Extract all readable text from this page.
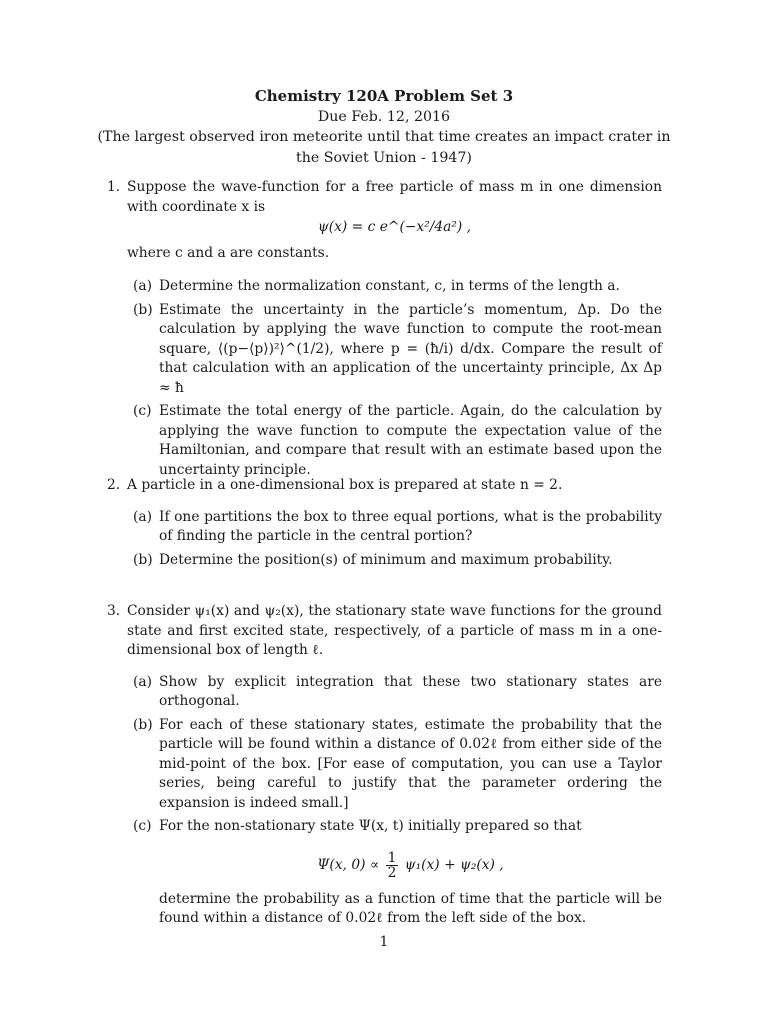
Chemistry 120A Problem Set 3
Due Feb. 12, 2016
(The largest observed iron meteorite until that time creates an impact crater in the Soviet Union - 1947)
1. Suppose the wave-function for a free particle of mass m in one dimension with coordinate x is
ψ(x) = c e^(−x²/4a²) ,
where c and a are constants.
(a) Determine the normalization constant, c, in terms of the length a.
(b) Estimate the uncertainty in the particle’s momentum, Δp. Do the calculation by applying the wave function to compute the root-mean square, ⟨(p−⟨p⟩)²⟩^(1/2), where p = (ħ/i) d/dx. Compare the result of that calculation with an application of the uncertainty principle, Δx Δp ≈ ħ
(c) Estimate the total energy of the particle. Again, do the calculation by applying the wave function to compute the expectation value of the Hamiltonian, and compare that result with an estimate based upon the uncertainty principle.
2. A particle in a one-dimensional box is prepared at state n = 2.
(a) If one partitions the box to three equal portions, what is the probability of finding the particle in the central portion?
(b) Determine the position(s) of minimum and maximum probability.
3. Consider ψ₁(x) and ψ₂(x), the stationary state wave functions for the ground state and first excited state, respectively, of a particle of mass m in a one-dimensional box of length ℓ.
(a) Show by explicit integration that these two stationary states are orthogonal.
(b) For each of these stationary states, estimate the probability that the particle will be found within a distance of 0.02ℓ from either side of the mid-point of the box. [For ease of computation, you can use a Taylor series, being careful to justify that the parameter ordering the expansion is indeed small.]
(c) For the non-stationary state Ψ(x, t) initially prepared so that
Ψ(x, $0) \propto \frac{1}{2} \psi_1(x) + \psi_2(x)$ ,
determine the probability as a function of time that the particle will be found within a distance of 0.02ℓ from the left side of the box.
1
